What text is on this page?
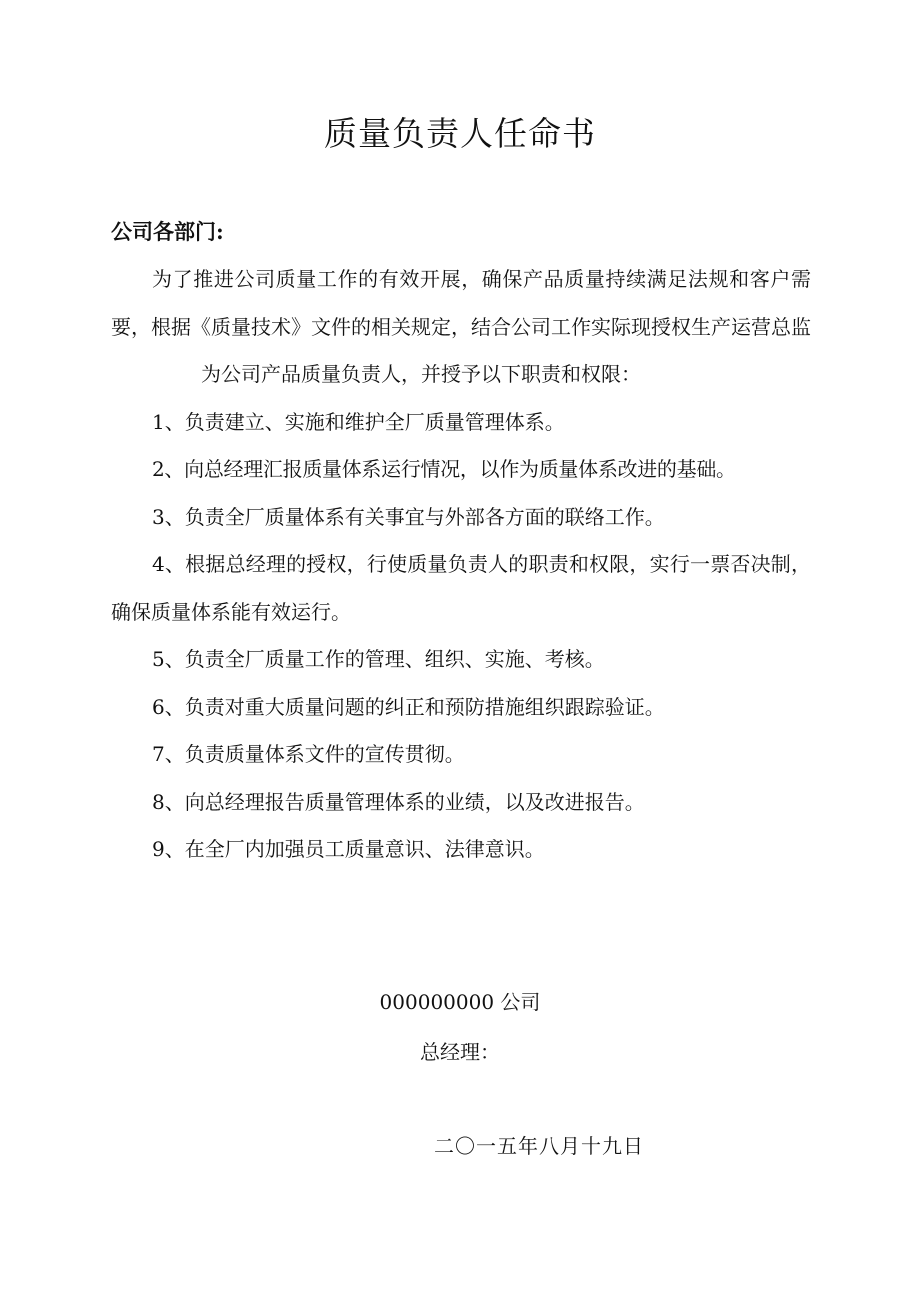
质量负责人任命书
公司各部门:

为了推进公司质量工作的有效开展，确保产品质量持续满足法规和客户需要，根据《质量技术》文件的相关规定，结合公司工作实际现授权生产运营总监为公司产品质量负责人，并授予以下职责和权限：

1、负责建立、实施和维护全厂质量管理体系。

2、向总经理汇报质量体系运行情况，以作为质量体系改进的基础。

3、负责全厂质量体系有关事宜与外部各方面的联络工作。

4、根据总经理的授权，行使质量负责人的职责和权限，实行一票否决制，确保质量体系能有效运行。

5、负责全厂质量工作的管理、组织、实施、考核。

6、负责对重大质量问题的纠正和预防措施组织跟踪验证。

7、负责质量体系文件的宣传贯彻。

8、向总经理报告质量管理体系的业绩，以及改进报告。

9、在全厂内加强员工质量意识、法律意识。

000000000 公司
总经理：
二〇一五年八月十九日
